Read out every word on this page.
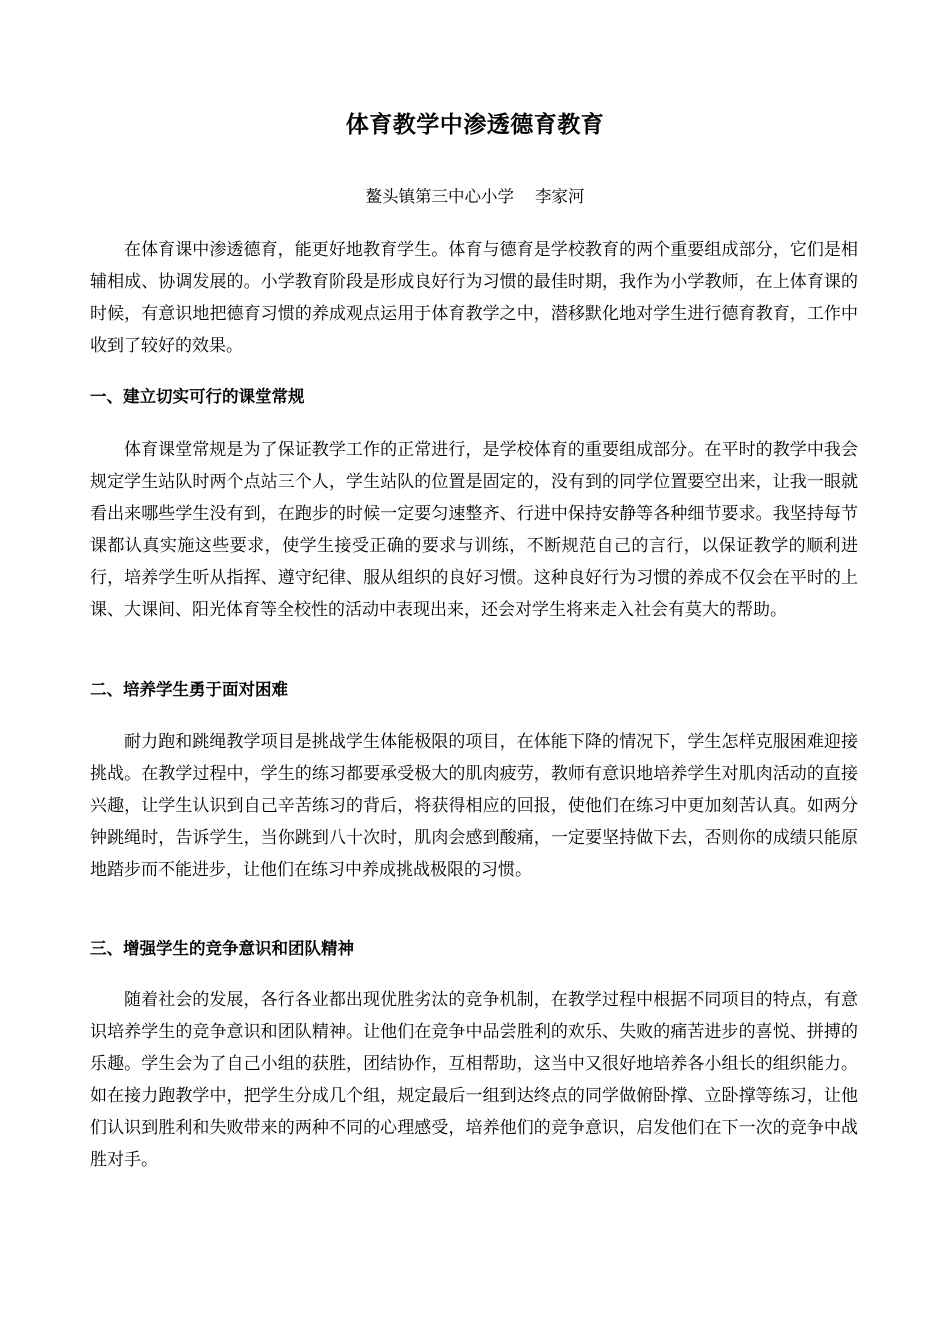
体育教学中渗透德育教育
鳌头镇第三中心小学    李家河

在体育课中渗透德育，能更好地教育学生。体育与德育是学校教育的两个重要组成部分，它们是相辅相成、协调发展的。小学教育阶段是形成良好行为习惯的最佳时期，我作为小学教师，在上体育课的时候，有意识地把德育习惯的养成观点运用于体育教学之中，潜移默化地对学生进行德育教育，工作中收到了较好的效果。

一、建立切实可行的课堂常规

体育课堂常规是为了保证教学工作的正常进行，是学校体育的重要组成部分。在平时的教学中我会规定学生站队时两个点站三个人，学生站队的位置是固定的，没有到的同学位置要空出来，让我一眼就看出来哪些学生没有到，在跑步的时候一定要匀速整齐、行进中保持安静等各种细节要求。我坚持每节课都认真实施这些要求，使学生接受正确的要求与训练，不断规范自己的言行，以保证教学的顺利进行，培养学生听从指挥、遵守纪律、服从组织的良好习惯。这种良好行为习惯的养成不仅会在平时的上课、大课间、阳光体育等全校性的活动中表现出来，还会对学生将来走入社会有莫大的帮助。

二、培养学生勇于面对困难

耐力跑和跳绳教学项目是挑战学生体能极限的项目，在体能下降的情况下，学生怎样克服困难迎接挑战。在教学过程中，学生的练习都要承受极大的肌肉疲劳，教师有意识地培养学生对肌肉活动的直接兴趣，让学生认识到自己辛苦练习的背后，将获得相应的回报，使他们在练习中更加刻苦认真。如两分钟跳绳时，告诉学生，当你跳到八十次时，肌肉会感到酸痛，一定要坚持做下去，否则你的成绩只能原地踏步而不能进步，让他们在练习中养成挑战极限的习惯。

三、增强学生的竞争意识和团队精神

随着社会的发展，各行各业都出现优胜劣汰的竞争机制，在教学过程中根据不同项目的特点，有意识培养学生的竞争意识和团队精神。让他们在竞争中品尝胜利的欢乐、失败的痛苦进步的喜悦、拼搏的乐趣。学生会为了自己小组的获胜，团结协作，互相帮助，这当中又很好地培养各小组长的组织能力。如在接力跑教学中，把学生分成几个组，规定最后一组到达终点的同学做俯卧撑、立卧撑等练习，让他们认识到胜利和失败带来的两种不同的心理感受，培养他们的竞争意识，启发他们在下一次的竞争中战胜对手。
